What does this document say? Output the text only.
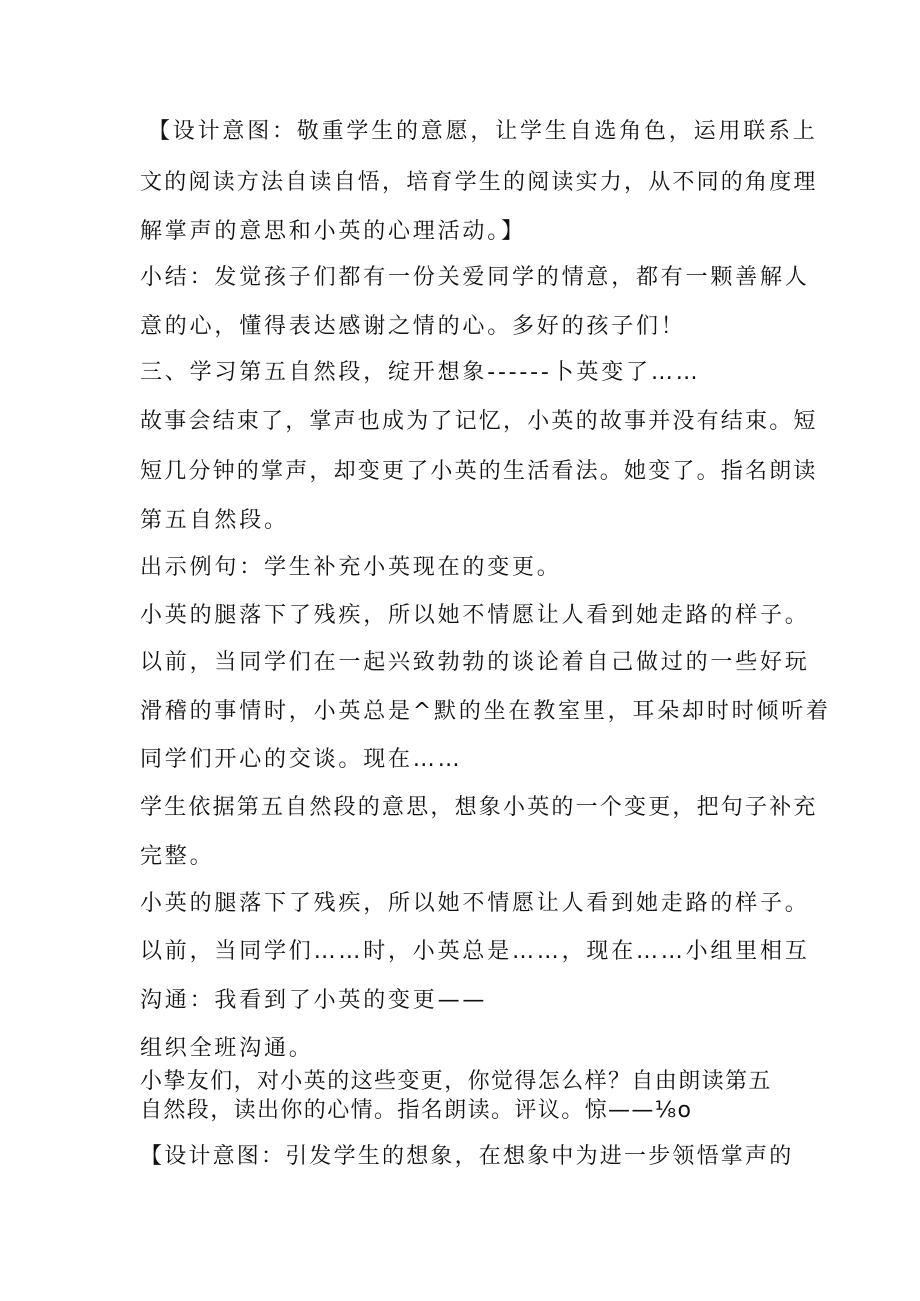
【设计意图：敬重学生的意愿，让学生自选角色，运用联系上
文的阅读方法自读自悟，培育学生的阅读实力，从不同的角度理
解掌声的意思和小英的心理活动。】
小结：发觉孩子们都有一份关爱同学的情意，都有一颗善解人
意的心，懂得表达感谢之情的心。多好的孩子们！
三、学习第五自然段，绽开想象------卜英变了……
故事会结束了，掌声也成为了记忆，小英的故事并没有结束。短
短几分钟的掌声，却变更了小英的生活看法。她变了。指名朗读
第五自然段。
出示例句：学生补充小英现在的变更。
小英的腿落下了残疾，所以她不情愿让人看到她走路的样子。
以前，当同学们在一起兴致勃勃的谈论着自己做过的一些好玩
滑稽的事情时，小英总是^默的坐在教室里，耳朵却时时倾听着
同学们开心的交谈。现在……
学生依据第五自然段的意思，想象小英的一个变更，把句子补充
完整。
小英的腿落下了残疾，所以她不情愿让人看到她走路的样子。
以前，当同学们……时，小英总是……，现在……小组里相互
沟通：我看到了小英的变更——
组织全班沟通。
小挚友们，对小英的这些变更，你觉得怎么样？自由朗读第五
自然段，读出你的心情。指名朗读。评议。惊——⅛o
【设计意图：引发学生的想象，在想象中为进一步领悟掌声的
